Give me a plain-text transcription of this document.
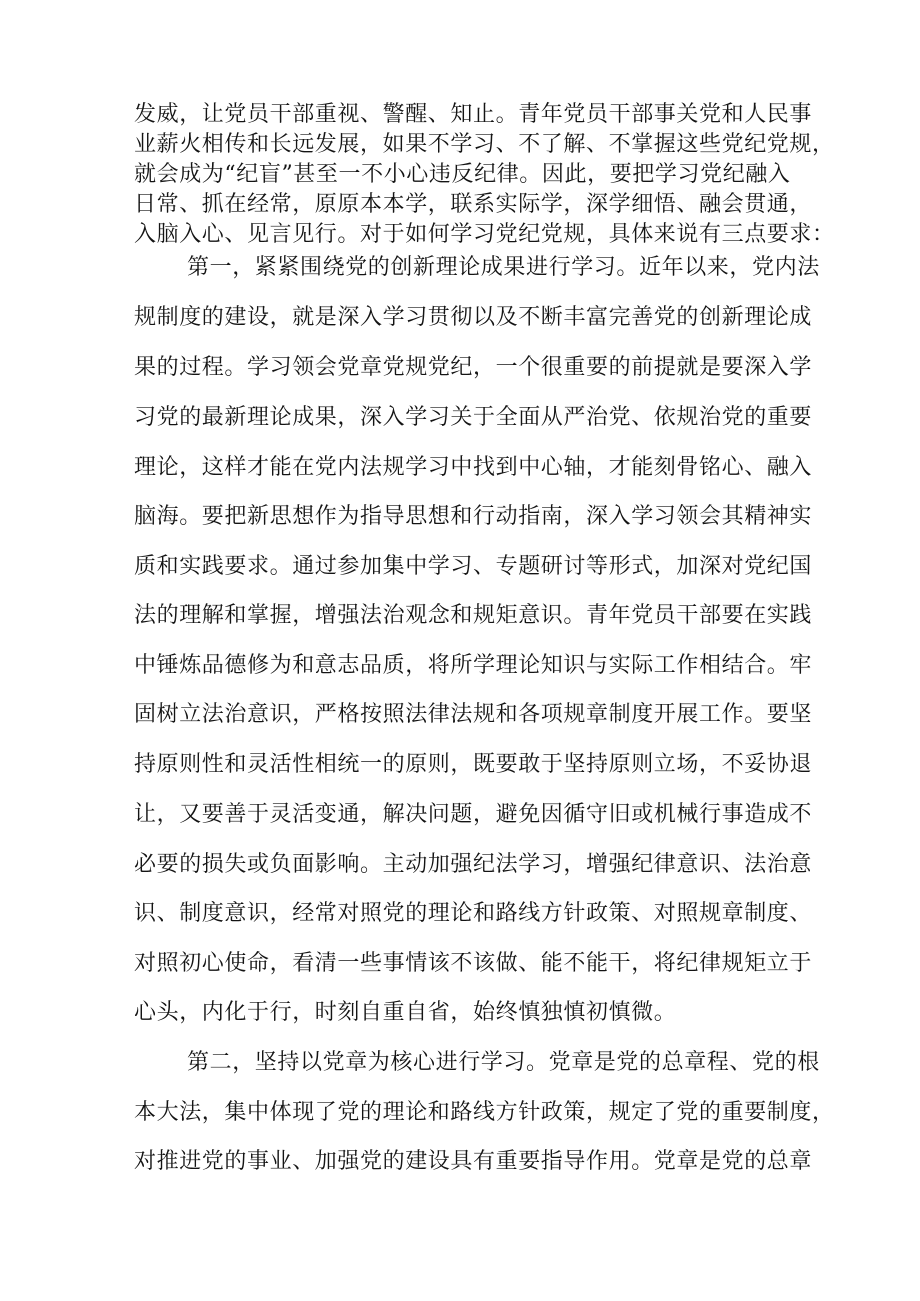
发威，让党员干部重视、警醒、知止。青年党员干部事关党和人民事
业薪火相传和长远发展，如果不学习、不了解、不掌握这些党纪党规，
就会成为“纪盲”甚至一不小心违反纪律。因此，要把学习党纪融入
日常、抓在经常，原原本本学，联系实际学，深学细悟、融会贯通，
入脑入心、见言见行。对于如何学习党纪党规，具体来说有三点要求：
第一，紧紧围绕党的创新理论成果进行学习。近年以来，党内法
规制度的建设，就是深入学习贯彻以及不断丰富完善党的创新理论成
果的过程。学习领会党章党规党纪，一个很重要的前提就是要深入学
习党的最新理论成果，深入学习关于全面从严治党、依规治党的重要
理论，这样才能在党内法规学习中找到中心轴，才能刻骨铭心、融入
脑海。要把新思想作为指导思想和行动指南，深入学习领会其精神实
质和实践要求。通过参加集中学习、专题研讨等形式，加深对党纪国
法的理解和掌握，增强法治观念和规矩意识。青年党员干部要在实践
中锤炼品德修为和意志品质，将所学理论知识与实际工作相结合。牢
固树立法治意识，严格按照法律法规和各项规章制度开展工作。要坚
持原则性和灵活性相统一的原则，既要敢于坚持原则立场，不妥协退
让，又要善于灵活变通，解决问题，避免因循守旧或机械行事造成不
必要的损失或负面影响。主动加强纪法学习，增强纪律意识、法治意
识、制度意识，经常对照党的理论和路线方针政策、对照规章制度、
对照初心使命，看清一些事情该不该做、能不能干，将纪律规矩立于
心头，内化于行，时刻自重自省，始终慎独慎初慎微。
第二，坚持以党章为核心进行学习。党章是党的总章程、党的根
本大法，集中体现了党的理论和路线方针政策，规定了党的重要制度，
对推进党的事业、加强党的建设具有重要指导作用。党章是党的总章
